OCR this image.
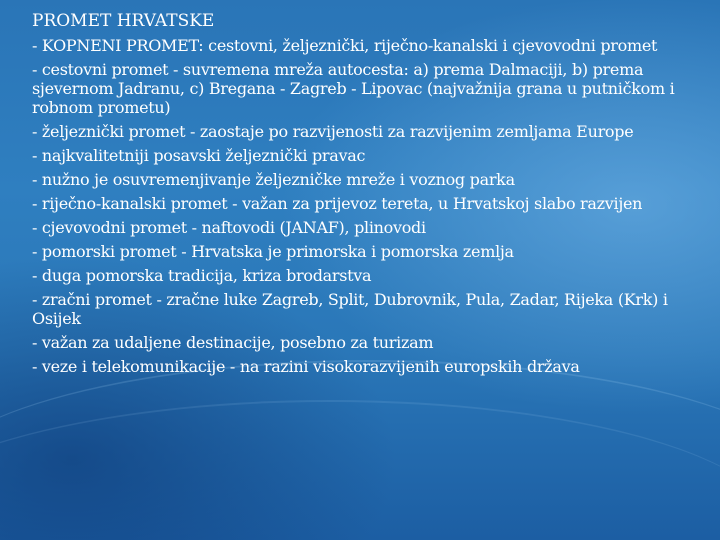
PROMET HRVATSKE
- KOPNENI PROMET: cestovni, željeznički, riječno-kanalski i cjevovodni promet
- cestovni promet - suvremena mreža autocesta: a) prema Dalmaciji, b) prema sjevernom Jadranu, c) Bregana - Zagreb - Lipovac (najvažnija grana u putničkom i robnom prometu)
- željeznički promet - zaostaje po razvijenosti za razvijenim zemljama Europe
- najkvalitetniji posavski željeznički pravac
- nužno je osuvremenjivanje željezničke mreže i voznog parka
- riječno-kanalski promet - važan za prijevoz tereta, u Hrvatskoj slabo razvijen
- cjevovodni promet - naftovodi (JANAF), plinovodi
- pomorski promet - Hrvatska je primorska i pomorska zemlja
- duga pomorska tradicija, kriza brodarstva
- zračni promet - zračne luke Zagreb, Split, Dubrovnik, Pula, Zadar, Rijeka (Krk) i Osijek
- važan za udaljene destinacije, posebno za turizam
- veze i telekomunikacije - na razini visokorazvijenih europskih država
